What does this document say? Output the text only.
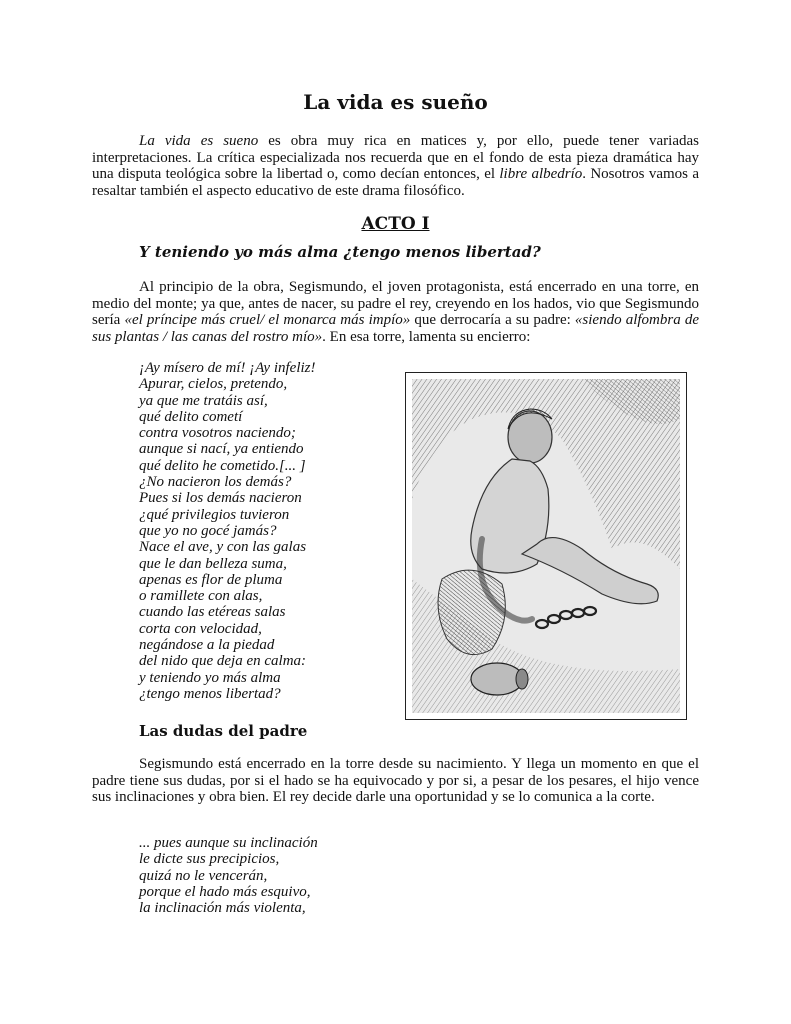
La vida es sueño

La vida es sueno es obra muy rica en matices y, por ello, puede tener variadas interpretaciones. La crítica especializada nos recuerda que en el fondo de esta pieza dramática hay una disputa teológica sobre la libertad o, como decían entonces, el libre albedrío. Nosotros vamos a resaltar también el aspecto educativo de este drama filosófico.

ACTO I
Y teniendo yo más alma ¿tengo menos libertad?

Al principio de la obra, Segismundo, el joven protagonista, está encerrado en una torre, en medio del monte; ya que, antes de nacer, su padre el rey, creyendo en los hados, vio que Segismundo sería «el príncipe más cruel/ el monarca más impío» que derrocaría a su padre: «siendo alfombra de sus plantas / las canas del rostro mío». En esa torre, lamenta su encierro:

¡Ay mísero de mí! ¡Ay infeliz!
Apurar, cielos, pretendo,
ya que me tratáis así,
qué delito cometí
contra vosotros naciendo;
aunque si nací, ya entiendo
qué delito he cometido.[... ]
¿No nacieron los demás?
Pues si los demás nacieron
¿qué privilegios tuvieron
que yo no gocé jamás?
Nace el ave, y con las galas
que le dan belleza suma,
apenas es flor de pluma
o ramillete con alas,
cuando las etéreas salas
corta con velocidad,
negándose a la piedad
del nido que deja en calma:
y teniendo yo más alma
¿tengo menos libertad?
Las dudas del padre

Segismundo está encerrado en la torre desde su nacimiento. Y llega un momento en que el padre tiene sus dudas, por si el hado se ha equivocado y por si, a pesar de los pesares, el hijo vence sus inclinaciones y obra bien. El rey decide darle una oportunidad y se lo comunica a la corte.

... pues aunque su inclinación
le dicte sus precipicios,
quizá no le vencerán,
porque el hado más esquivo,
la inclinación más violenta,
